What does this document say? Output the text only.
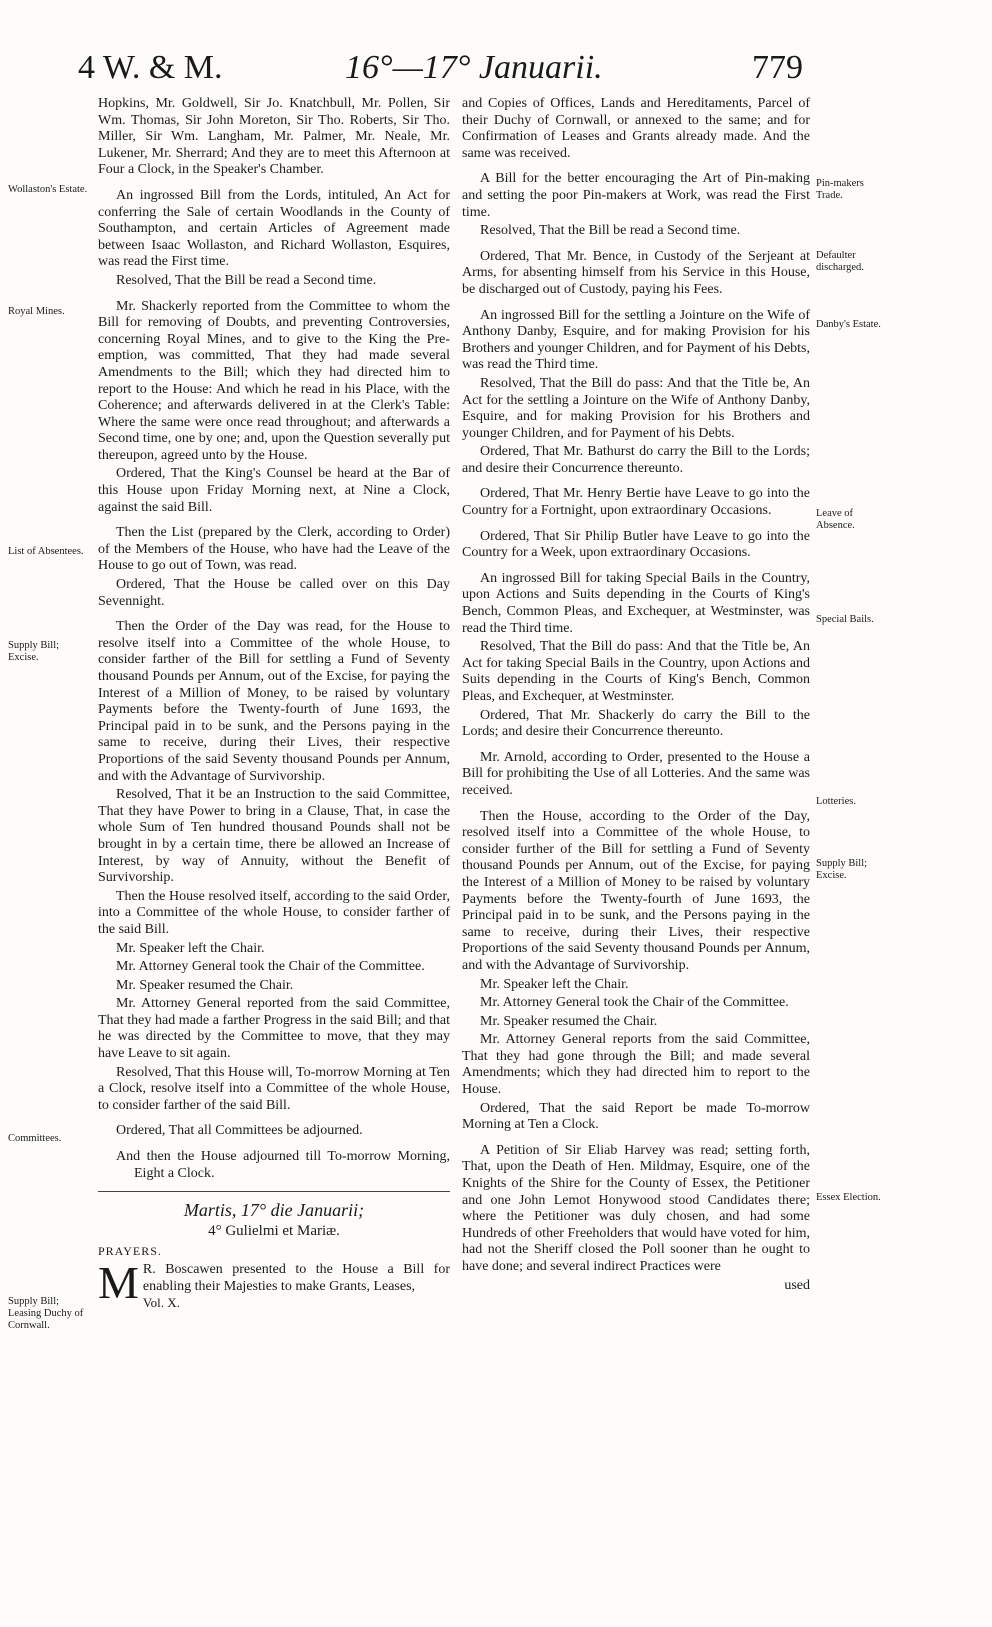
4 W. & M.	16°—17° Januarii.	779
Wollaston's Estate.
Royal Mines.
List of Absentees.
Supply Bill; Excise.
Committees.
Supply Bill; Leasing Duchy of Cornwall.
Pin-makers Trade.
Defaulter discharged.
Danby's Estate.
Leave of Absence.
Special Bails.
Lotteries.
Supply Bill; Excise.
Essex Election.

Hopkins, Mr. Goldwell, Sir Jo. Knatchbull, Mr. Pollen, Sir Wm. Thomas, Sir John Moreton, Sir Tho. Roberts, Sir Tho. Miller, Sir Wm. Langham, Mr. Palmer, Mr. Neale, Mr. Lukener, Mr. Sherrard; And they are to meet this Afternoon at Four a Clock, in the Speaker's Chamber.

An ingrossed Bill from the Lords, intituled, An Act for conferring the Sale of certain Woodlands in the County of Southampton, and certain Articles of Agreement made between Isaac Wollaston, and Richard Wollaston, Esquires, was read the First time.

Resolved, That the Bill be read a Second time.

Mr. Shackerly reported from the Committee to whom the Bill for removing of Doubts, and preventing Controversies, concerning Royal Mines, and to give to the King the Pre-emption, was committed, That they had made several Amendments to the Bill; which they had directed him to report to the House: And which he read in his Place, with the Coherence; and afterwards delivered in at the Clerk's Table: Where the same were once read throughout; and afterwards a Second time, one by one; and, upon the Question severally put thereupon, agreed unto by the House.

Ordered, That the King's Counsel be heard at the Bar of this House upon Friday Morning next, at Nine a Clock, against the said Bill.

Then the List (prepared by the Clerk, according to Order) of the Members of the House, who have had the Leave of the House to go out of Town, was read.

Ordered, That the House be called over on this Day Sevennight.

Then the Order of the Day was read, for the House to resolve itself into a Committee of the whole House, to consider farther of the Bill for settling a Fund of Seventy thousand Pounds per Annum, out of the Excise, for paying the Interest of a Million of Money, to be raised by voluntary Payments before the Twenty-fourth of June 1693, the Principal paid in to be sunk, and the Persons paying in the same to receive, during their Lives, their respective Proportions of the said Seventy thousand Pounds per Annum, and with the Advantage of Survivorship.

Resolved, That it be an Instruction to the said Committee, That they have Power to bring in a Clause, That, in case the whole Sum of Ten hundred thousand Pounds shall not be brought in by a certain time, there be allowed an Increase of Interest, by way of Annuity, without the Benefit of Survivorship.

Then the House resolved itself, according to the said Order, into a Committee of the whole House, to consider farther of the said Bill.

Mr. Speaker left the Chair.

Mr. Attorney General took the Chair of the Committee.

Mr. Speaker resumed the Chair.

Mr. Attorney General reported from the said Committee, That they had made a farther Progress in the said Bill; and that he was directed by the Committee to move, that they may have Leave to sit again.

Resolved, That this House will, To-morrow Morning at Ten a Clock, resolve itself into a Committee of the whole House, to consider farther of the said Bill.

Ordered, That all Committees be adjourned.

And then the House adjourned till To-morrow Morning, Eight a Clock.

Martis, 17° die Januarii;
4° Gulielmi et Mariæ.
PRAYERS.
M R. Boscawen presented to the House a Bill for enabling their Majesties to make Grants, Leases,

Vol. X.

and Copies of Offices, Lands and Hereditaments, Parcel of their Duchy of Cornwall, or annexed to the same; and for Confirmation of Leases and Grants already made. And the same was received.

A Bill for the better encouraging the Art of Pin-making and setting the poor Pin-makers at Work, was read the First time.

Resolved, That the Bill be read a Second time.

Ordered, That Mr. Bence, in Custody of the Serjeant at Arms, for absenting himself from his Service in this House, be discharged out of Custody, paying his Fees.

An ingrossed Bill for the settling a Jointure on the Wife of Anthony Danby, Esquire, and for making Provision for his Brothers and younger Children, and for Payment of his Debts, was read the Third time.

Resolved, That the Bill do pass: And that the Title be, An Act for the settling a Jointure on the Wife of Anthony Danby, Esquire, and for making Provision for his Brothers and younger Children, and for Payment of his Debts.

Ordered, That Mr. Bathurst do carry the Bill to the Lords; and desire their Concurrence thereunto.

Ordered, That Mr. Henry Bertie have Leave to go into the Country for a Fortnight, upon extraordinary Occasions.

Ordered, That Sir Philip Butler have Leave to go into the Country for a Week, upon extraordinary Occasions.

An ingrossed Bill for taking Special Bails in the Country, upon Actions and Suits depending in the Courts of King's Bench, Common Pleas, and Exchequer, at Westminster, was read the Third time.

Resolved, That the Bill do pass: And that the Title be, An Act for taking Special Bails in the Country, upon Actions and Suits depending in the Courts of King's Bench, Common Pleas, and Exchequer, at Westminster.

Ordered, That Mr. Shackerly do carry the Bill to the Lords; and desire their Concurrence thereunto.

Mr. Arnold, according to Order, presented to the House a Bill for prohibiting the Use of all Lotteries. And the same was received.

Then the House, according to the Order of the Day, resolved itself into a Committee of the whole House, to consider further of the Bill for settling a Fund of Seventy thousand Pounds per Annum, out of the Excise, for paying the Interest of a Million of Money to be raised by voluntary Payments before the Twenty-fourth of June 1693, the Principal paid in to be sunk, and the Persons paying in the same to receive, during their Lives, their respective Proportions of the said Seventy thousand Pounds per Annum, and with the Advantage of Survivorship.

Mr. Speaker left the Chair.

Mr. Attorney General took the Chair of the Committee.

Mr. Speaker resumed the Chair.

Mr. Attorney General reports from the said Committee, That they had gone through the Bill; and made several Amendments; which they had directed him to report to the House.

Ordered, That the said Report be made To-morrow Morning at Ten a Clock.

A Petition of Sir Eliab Harvey was read; setting forth, That, upon the Death of Hen. Mildmay, Esquire, one of the Knights of the Shire for the County of Essex, the Petitioner and one John Lemot Honywood stood Candidates there; where the Petitioner was duly chosen, and had some Hundreds of other Freeholders that would have voted for him, had not the Sheriff closed the Poll sooner than he ought to have done; and several indirect Practices were

used
